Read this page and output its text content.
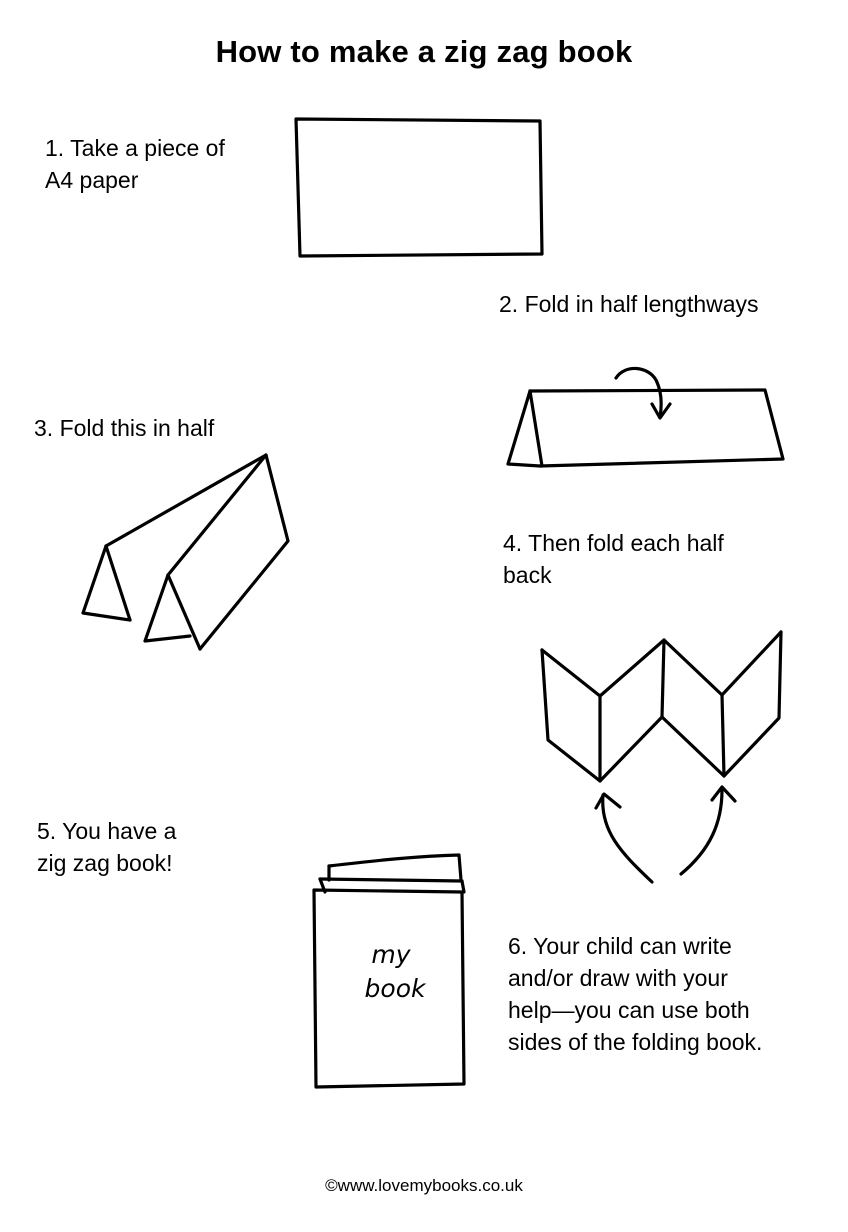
How to make a zig zag book
1. Take a piece of
A4 paper
2. Fold in half lengthways
3. Fold this in half
4. Then fold each half
back
5. You have a
zig zag book!
6. Your child can write
and/or draw with your
help—you can use both
sides of the folding book.
my
book
©www.lovemybooks.co.uk
